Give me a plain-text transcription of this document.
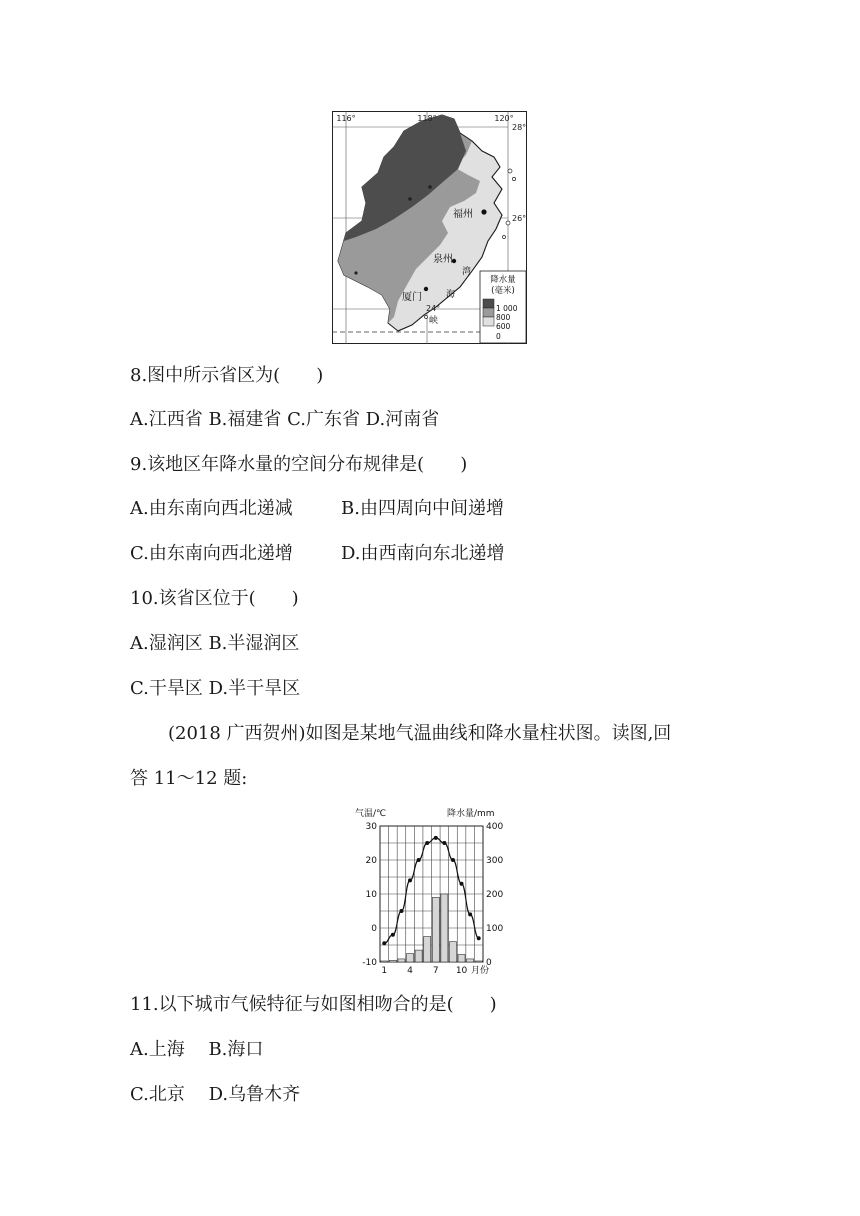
116°	118°	120°
28°
26°
24°
福州
泉州
厦门
湾
海
峡
降水量
(毫米)
1 000
800
600
0
8.图中所示省区为(　　)
A.江西省 B.福建省 C.广东省 D.河南省
9.该地区年降水量的空间分布规律是(　　)
A.由东南向西北递减	B.由四周向中间递增
C.由东南向西北递增	D.由西南向东北递增
10.该省区位于(　　)
A.湿润区 B.半湿润区
C.干旱区 D.半干旱区
(2018 广西贺州)如图是某地气温曲线和降水量柱状图。读图,回
答 11～12 题:
气温/℃	降水量/mm
30
20
10
0
-10
400
300
200
100
0
1 4 7 10 月份
11.以下城市气候特征与如图相吻合的是(　　)
A.上海　 B.海口
C.北京　 D.乌鲁木齐
